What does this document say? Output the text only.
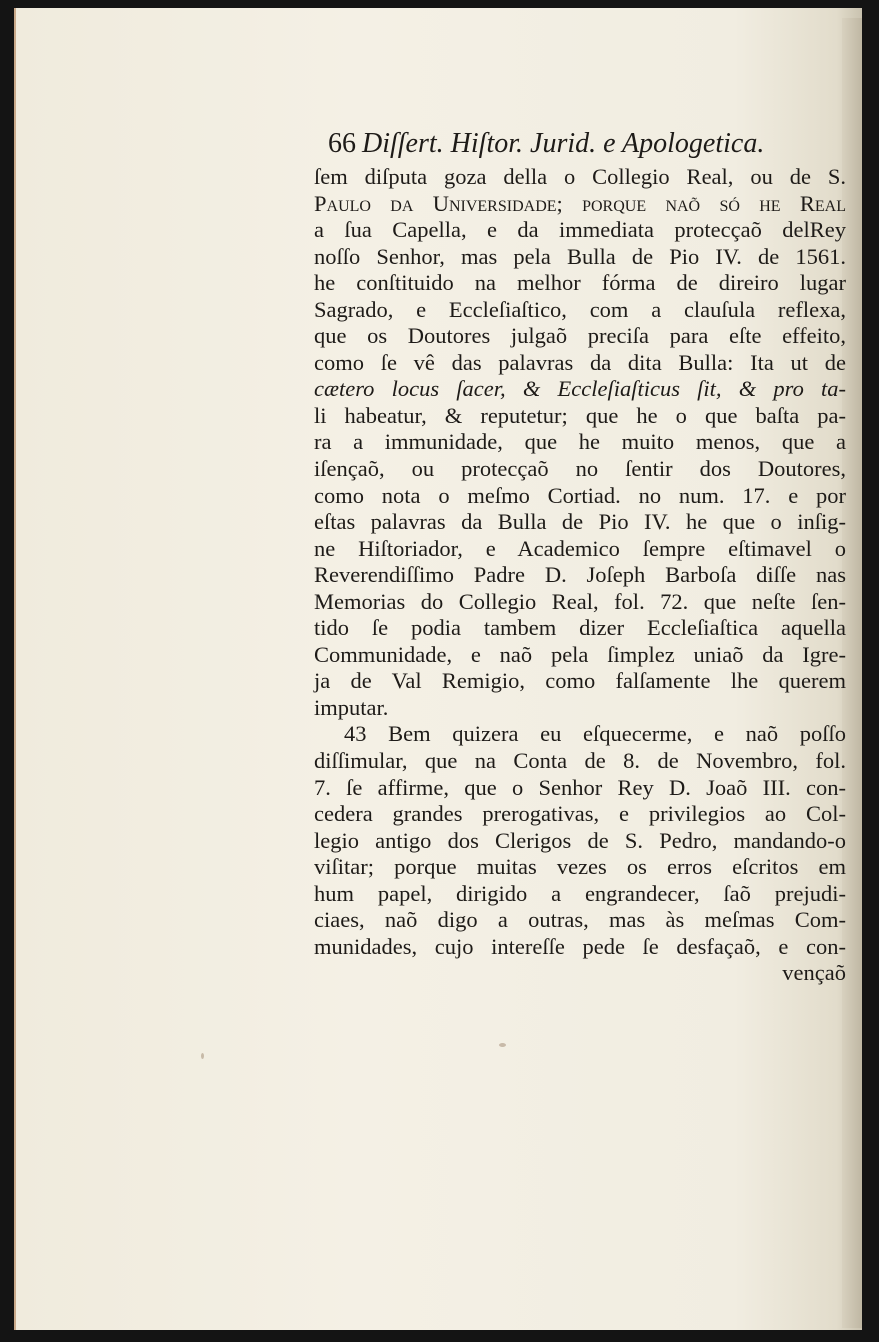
66 Diſſert. Hiſtor. Jurid. e Apologetica.
ſem diſputa goza della o Collegio Real, ou de S.
Paulo da Univerſidade; porque naõ ſó he Real
a ſua Capella, e da immediata protecçaõ delRey
noſſo Senhor, mas pela Bulla de Pio IV. de 1561.
he conſtituido na melhor fórma de direiro lugar
Sagrado, e Eccleſiaſtico, com a clauſula reflexa,
que os Doutores julgaõ preciſa para eſte effeito,
como ſe vê das palavras da dita Bulla: Ita ut de
cætero locus ſacer, & Eccleſiaſticus ſit, & pro ta-
li habeatur, & reputetur; que he o que baſta pa-
ra a immunidade, que he muito menos, que a
iſençaõ, ou protecçaõ no ſentir dos Doutores,
como nota o meſmo Cortiad. no num. 17. e por
eſtas palavras da Bulla de Pio IV. he que o inſig-
ne Hiſtoriador, e Academico ſempre eſtimavel o
Reverendiſſimo Padre D. Joſeph Barboſa diſſe nas
Memorias do Collegio Real, fol. 72. que neſte ſen-
tido ſe podia tambem dizer Eccleſiaſtica aquella
Communidade, e naõ pela ſimplez uniaõ da Igre-
ja de Val Remigio, como falſamente lhe querem
imputar.
43 Bem quizera eu eſquecerme, e naõ poſſo
diſſimular, que na Conta de 8. de Novembro, fol.
7. ſe affirme, que o Senhor Rey D. Joaõ III. con-
cedera grandes prerogativas, e privilegios ao Col-
legio antigo dos Clerigos de S. Pedro, mandando-o
viſitar; porque muitas vezes os erros eſcritos em
hum papel, dirigido a engrandecer, ſaõ prejudi-
ciaes, naõ digo a outras, mas às meſmas Com-
munidades, cujo intereſſe pede ſe desfaçaõ, e con-
vençaõ
